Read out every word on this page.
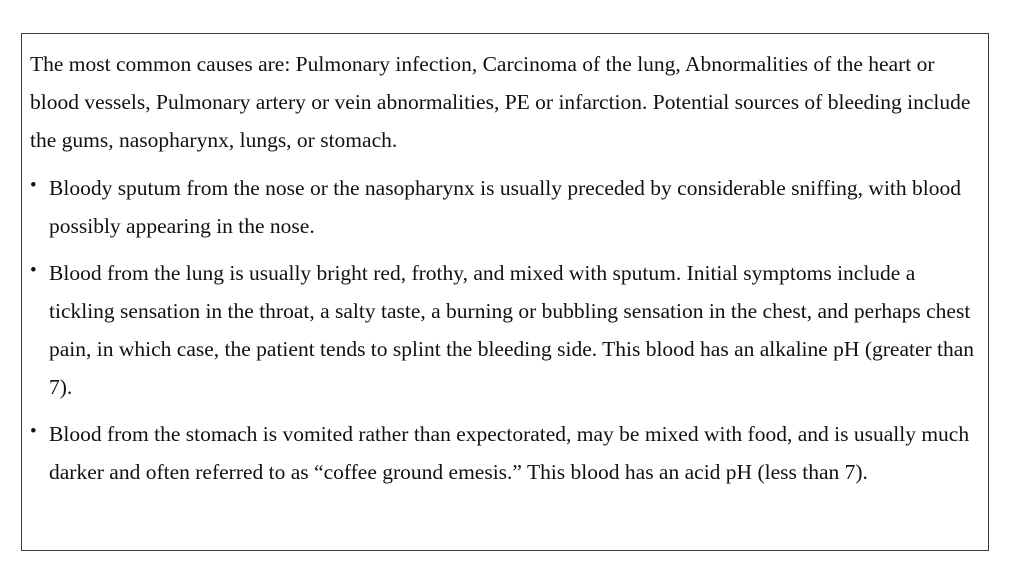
The most common causes are: Pulmonary infection, Carcinoma of the lung, Abnormalities of the heart or blood vessels, Pulmonary artery or vein abnormalities, PE or infarction. Potential sources of bleeding include the gums, nasopharynx, lungs, or stomach.

• Bloody sputum from the nose or the nasopharynx is usually preceded by considerable sniffing, with blood possibly appearing in the nose.
• Blood from the lung is usually bright red, frothy, and mixed with sputum. Initial symptoms include a tickling sensation in the throat, a salty taste, a burning or bubbling sensation in the chest, and perhaps chest pain, in which case, the patient tends to splint the bleeding side. This blood has an alkaline pH (greater than 7).
• Blood from the stomach is vomited rather than expectorated, may be mixed with food, and is usually much darker and often referred to as “coffee ground emesis.” This blood has an acid pH (less than 7).
